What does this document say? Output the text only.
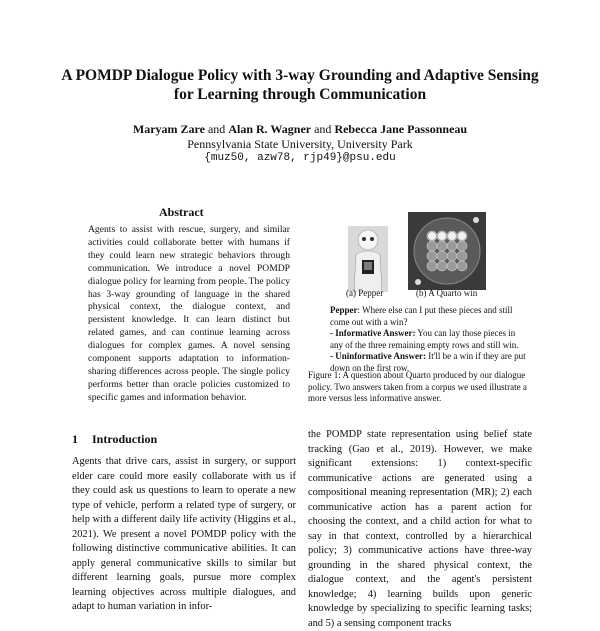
A POMDP Dialogue Policy with 3-way Grounding and Adaptive Sensing
for Learning through Communication
Maryam Zare and Alan R. Wagner and Rebecca Jane Passonneau
Pennsylvania State University, University Park
{muz50, azw78, rjp49}@psu.edu
Abstract
Agents to assist with rescue, surgery, and similar activities could collaborate better with humans if they could learn new strategic behaviors through communication. We introduce a novel POMDP dialogue policy for learning from people. The policy has 3-way grounding of language in the shared physical context, the dialogue context, and persistent knowledge. It can learn distinct but related games, and can continue learning across dialogues for complex games. A novel sensing component supports adaptation to information-sharing differences across people. The single policy performs better than oracle policies customized to specific games and information behavior.
(a) Pepper	(b) A Quarto win

Pepper: Where else can I put these pieces and still come out with a win?

- Informative Answer: You can lay those pieces in any of the three remaining empty rows and still win.

- Uninformative Answer: It'll be a win if they are put down on the first row.

Figure 1: A question about Quarto produced by our dialogue policy. Two answers taken from a corpus we used illustrate a more versus less informative answer.
1 Introduction
Agents that drive cars, assist in surgery, or support elder care could more easily collaborate with us if they could ask us questions to learn to operate a new type of vehicle, perform a related type of surgery, or help with a different daily life activity (Higgins et al., 2021). We present a novel POMDP policy with the following distinctive communicative abilities. It can apply general communicative skills to similar but different learning goals, pursue more complex learning objectives across multiple dialogues, and adapt to human variation in infor-
the POMDP state representation using belief state tracking (Gao et al., 2019). However, we make significant extensions: 1) context-specific communicative actions are generated using a compositional meaning representation (MR); 2) each communicative action has a parent action for choosing the context, and a child action for what to say in that context, controlled by a hierarchical policy; 3) communicative actions have three-way grounding in the shared physical context, the dialogue context, and the agent's persistent knowledge; 4) learning builds upon generic knowledge by specializing to specific learning tasks; and 5) a sensing component tracks
